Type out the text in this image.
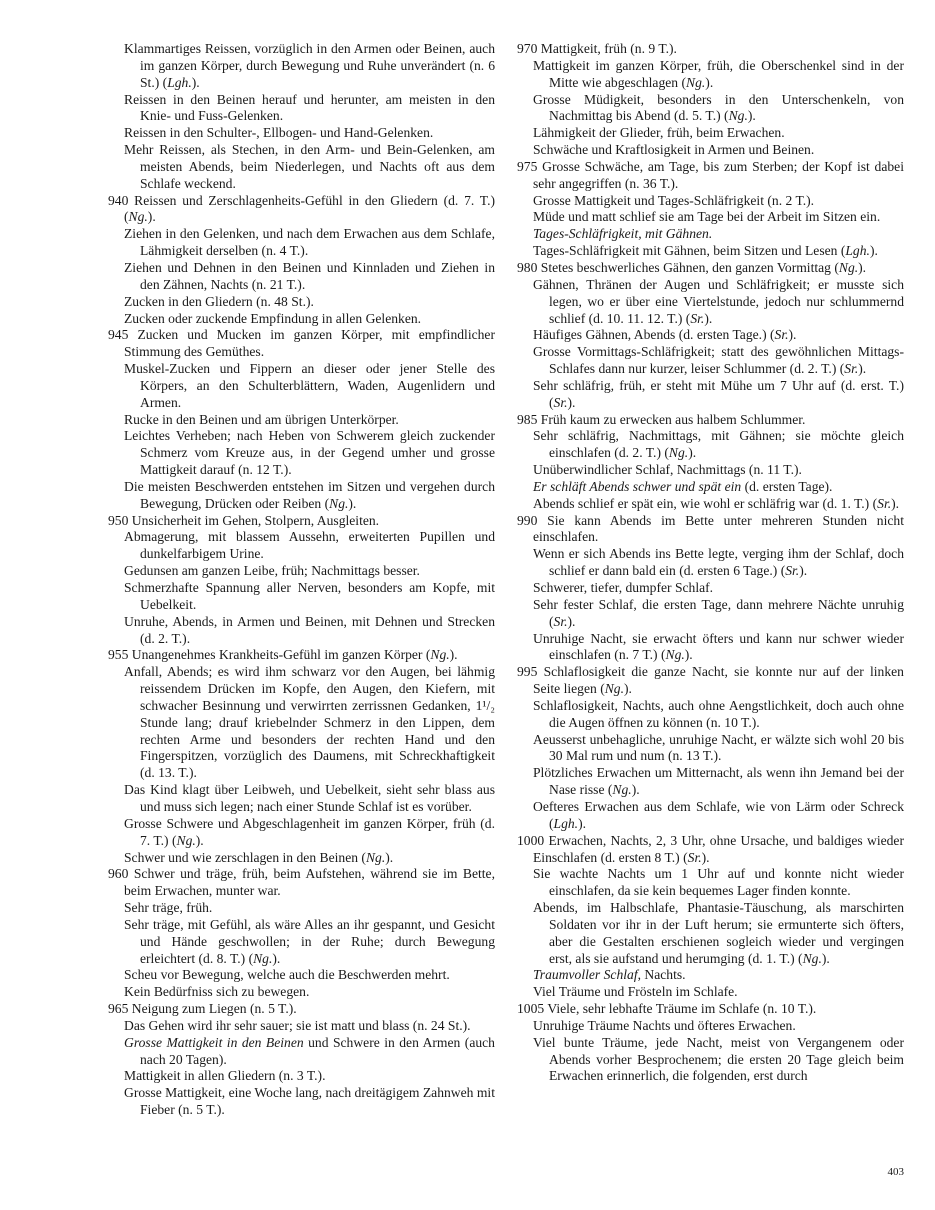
Klammartiges Reissen, vorzüglich in den Armen oder Beinen, auch im ganzen Körper, durch Bewegung und Ruhe unverändert (n. 6 St.) (Lgh.).

Reissen in den Beinen herauf und herunter, am meisten in den Knie- und Fuss-Gelenken.

Reissen in den Schulter-, Ellbogen- und Hand-Gelenken.

Mehr Reissen, als Stechen, in den Arm- und Bein-Gelenken, am meisten Abends, beim Niederlegen, und Nachts oft aus dem Schlafe weckend.

940 Reissen und Zerschlagenheits-Gefühl in den Gliedern (d. 7. T.) (Ng.).

Ziehen in den Gelenken, und nach dem Erwachen aus dem Schlafe, Lähmigkeit derselben (n. 4 T.).

Ziehen und Dehnen in den Beinen und Kinnladen und Ziehen in den Zähnen, Nachts (n. 21 T.).

Zucken in den Gliedern (n. 48 St.).

Zucken oder zuckende Empfindung in allen Gelenken.

945 Zucken und Mucken im ganzen Körper, mit empfindlicher Stimmung des Gemüthes.

Muskel-Zucken und Fippern an dieser oder jener Stelle des Körpers, an den Schulterblättern, Waden, Augenlidern und Armen.

Rucke in den Beinen und am übrigen Unterkörper.

Leichtes Verheben; nach Heben von Schwerem gleich zuckender Schmerz vom Kreuze aus, in der Gegend umher und grosse Mattigkeit darauf (n. 12 T.).

Die meisten Beschwerden entstehen im Sitzen und vergehen durch Bewegung, Drücken oder Reiben (Ng.).

950 Unsicherheit im Gehen, Stolpern, Ausgleiten.

Abmagerung, mit blassem Aussehn, erweiterten Pupillen und dunkelfarbigem Urine.

Gedunsen am ganzen Leibe, früh; Nachmittags besser.

Schmerzhafte Spannung aller Nerven, besonders am Kopfe, mit Uebelkeit.

Unruhe, Abends, in Armen und Beinen, mit Dehnen und Strecken (d. 2. T.).

955 Unangenehmes Krankheits-Gefühl im ganzen Körper (Ng.).

Anfall, Abends; es wird ihm schwarz vor den Augen, bei lähmig reissendem Drücken im Kopfe, den Augen, den Kiefern, mit schwacher Besinnung und verwirrten zerrissnen Gedanken, 1¹/₂ Stunde lang; drauf kriebelnder Schmerz in den Lippen, dem rechten Arme und besonders der rechten Hand und den Fingerspitzen, vorzüglich des Daumens, mit Schreckhaftigkeit (d. 13. T.).

Das Kind klagt über Leibweh, und Uebelkeit, sieht sehr blass aus und muss sich legen; nach einer Stunde Schlaf ist es vorüber.

Grosse Schwere und Abgeschlagenheit im ganzen Körper, früh (d. 7. T.) (Ng.).

Schwer und wie zerschlagen in den Beinen (Ng.).

960 Schwer und träge, früh, beim Aufstehen, während sie im Bette, beim Erwachen, munter war.

Sehr träge, früh.

Sehr träge, mit Gefühl, als wäre Alles an ihr gespannt, und Gesicht und Hände geschwollen; in der Ruhe; durch Bewegung erleichtert (d. 8. T.) (Ng.).

Scheu vor Bewegung, welche auch die Beschwerden mehrt.

Kein Bedürfniss sich zu bewegen.

965 Neigung zum Liegen (n. 5 T.).

Das Gehen wird ihr sehr sauer; sie ist matt und blass (n. 24 St.).

Grosse Mattigkeit in den Beinen und Schwere in den Armen (auch nach 20 Tagen).

Mattigkeit in allen Gliedern (n. 3 T.).

Grosse Mattigkeit, eine Woche lang, nach dreitägigem Zahnweh mit Fieber (n. 5 T.).

970 Mattigkeit, früh (n. 9 T.).

Mattigkeit im ganzen Körper, früh, die Oberschenkel sind in der Mitte wie abgeschlagen (Ng.).

Grosse Müdigkeit, besonders in den Unterschenkeln, von Nachmittag bis Abend (d. 5. T.) (Ng.).

Lähmigkeit der Glieder, früh, beim Erwachen.

Schwäche und Kraftlosigkeit in Armen und Beinen.

975 Grosse Schwäche, am Tage, bis zum Sterben; der Kopf ist dabei sehr angegriffen (n. 36 T.).

Grosse Mattigkeit und Tages-Schläfrigkeit (n. 2 T.).

Müde und matt schlief sie am Tage bei der Arbeit im Sitzen ein.

Tages-Schläfrigkeit, mit Gähnen.

Tages-Schläfrigkeit mit Gähnen, beim Sitzen und Lesen (Lgh.).

980 Stetes beschwerliches Gähnen, den ganzen Vormittag (Ng.).

Gähnen, Thränen der Augen und Schläfrigkeit; er musste sich legen, wo er über eine Viertelstunde, jedoch nur schlummernd schlief (d. 10. 11. 12. T.) (Sr.).

Häufiges Gähnen, Abends (d. ersten Tage.) (Sr.).

Grosse Vormittags-Schläfrigkeit; statt des gewöhnlichen Mittags-Schlafes dann nur kurzer, leiser Schlummer (d. 2. T.) (Sr.).

Sehr schläfrig, früh, er steht mit Mühe um 7 Uhr auf (d. erst. T.) (Sr.).

985 Früh kaum zu erwecken aus halbem Schlummer.

Sehr schläfrig, Nachmittags, mit Gähnen; sie möchte gleich einschlafen (d. 2. T.) (Ng.).

Unüberwindlicher Schlaf, Nachmittags (n. 11 T.).

Er schläft Abends schwer und spät ein (d. ersten Tage).

Abends schlief er spät ein, wie wohl er schläfrig war (d. 1. T.) (Sr.).

990 Sie kann Abends im Bette unter mehreren Stunden nicht einschlafen.

Wenn er sich Abends ins Bette legte, verging ihm der Schlaf, doch schlief er dann bald ein (d. ersten 6 Tage.) (Sr.).

Schwerer, tiefer, dumpfer Schlaf.

Sehr fester Schlaf, die ersten Tage, dann mehrere Nächte unruhig (Sr.).

Unruhige Nacht, sie erwacht öfters und kann nur schwer wieder einschlafen (n. 7 T.) (Ng.).

995 Schlaflosigkeit die ganze Nacht, sie konnte nur auf der linken Seite liegen (Ng.).

Schlaflosigkeit, Nachts, auch ohne Aengstlichkeit, doch auch ohne die Augen öffnen zu können (n. 10 T.).

Aeusserst unbehagliche, unruhige Nacht, er wälzte sich wohl 20 bis 30 Mal rum und num (n. 13 T.).

Plötzliches Erwachen um Mitternacht, als wenn ihn Jemand bei der Nase risse (Ng.).

Oefteres Erwachen aus dem Schlafe, wie von Lärm oder Schreck (Lgh.).

1000 Erwachen, Nachts, 2, 3 Uhr, ohne Ursache, und baldiges wieder Einschlafen (d. ersten 8 T.) (Sr.).

Sie wachte Nachts um 1 Uhr auf und konnte nicht wieder einschlafen, da sie kein bequemes Lager finden konnte.

Abends, im Halbschlafe, Phantasie-Täuschung, als marschirten Soldaten vor ihr in der Luft herum; sie ermunterte sich öfters, aber die Gestalten erschienen sogleich wieder und vergingen erst, als sie aufstand und herumging (d. 1. T.) (Ng.).

Traumvoller Schlaf, Nachts.

Viel Träume und Frösteln im Schlafe.

1005 Viele, sehr lebhafte Träume im Schlafe (n. 10 T.).

Unruhige Träume Nachts und öfteres Erwachen.

Viel bunte Träume, jede Nacht, meist von Vergangenem oder Abends vorher Besprochenem; die ersten 20 Tage gleich beim Erwachen erinnerlich, die folgenden, erst durch

403
